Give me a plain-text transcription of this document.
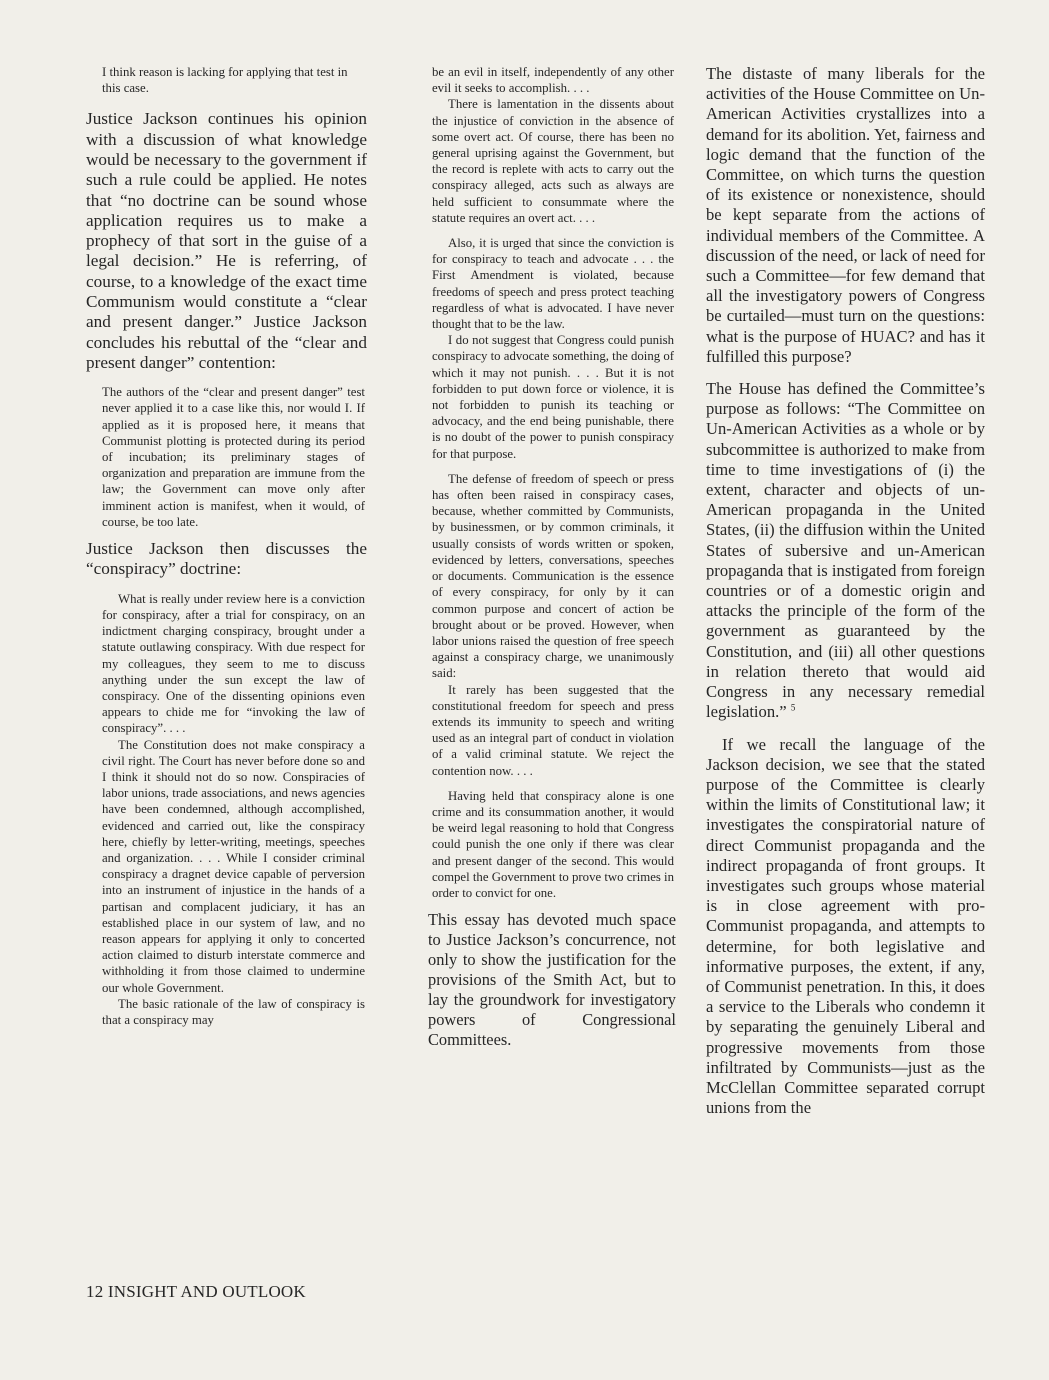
I think reason is lacking for applying that test in this case.

Justice Jackson continues his opinion with a discussion of what knowledge would be necessary to the government if such a rule could be applied. He notes that “no doctrine can be sound whose application requires us to make a prophecy of that sort in the guise of a legal decision.” He is referring, of course, to a knowledge of the exact time Communism would constitute a “clear and present danger.” Justice Jackson concludes his rebuttal of the “clear and present danger” contention:

The authors of the “clear and present danger” test never applied it to a case like this, nor would I. If applied as it is proposed here, it means that Communist plotting is protected during its period of incubation; its preliminary stages of organization and preparation are immune from the law; the Government can move only after imminent action is manifest, when it would, of course, be too late.

Justice Jackson then discusses the “conspiracy” doctrine:

What is really under review here is a conviction for conspiracy, after a trial for conspiracy, on an indictment charging conspiracy, brought under a statute outlawing conspiracy. With due respect for my colleagues, they seem to me to discuss anything under the sun except the law of conspiracy. One of the dissenting opinions even appears to chide me for “invoking the law of conspiracy”. . . .

The Constitution does not make conspiracy a civil right. The Court has never before done so and I think it should not do so now. Conspiracies of labor unions, trade associations, and news agencies have been condemned, although accomplished, evidenced and carried out, like the conspiracy here, chiefly by letter-writing, meetings, speeches and organization. . . . While I consider criminal conspiracy a dragnet device capable of perversion into an instrument of injustice in the hands of a partisan and complacent judiciary, it has an established place in our system of law, and no reason appears for applying it only to concerted action claimed to disturb interstate commerce and withholding it from those claimed to undermine our whole Government.

The basic rationale of the law of conspiracy is that a conspiracy may

be an evil in itself, independently of any other evil it seeks to accomplish. . . .

There is lamentation in the dissents about the injustice of conviction in the absence of some overt act. Of course, there has been no general uprising against the Government, but the record is replete with acts to carry out the conspiracy alleged, acts such as always are held sufficient to consummate where the statute requires an overt act. . . .

Also, it is urged that since the conviction is for conspiracy to teach and advocate . . . the First Amendment is violated, because freedoms of speech and press protect teaching regardless of what is advocated. I have never thought that to be the law.

I do not suggest that Congress could punish conspiracy to advocate something, the doing of which it may not punish. . . . But it is not forbidden to put down force or violence, it is not forbidden to punish its teaching or advocacy, and the end being punishable, there is no doubt of the power to punish conspiracy for that purpose.

The defense of freedom of speech or press has often been raised in conspiracy cases, because, whether committed by Communists, by businessmen, or by common criminals, it usually consists of words written or spoken, evidenced by letters, conversations, speeches or documents. Communication is the essence of every conspiracy, for only by it can common purpose and concert of action be brought about or be proved. However, when labor unions raised the question of free speech against a conspiracy charge, we unanimously said:

It rarely has been suggested that the constitutional freedom for speech and press extends its immunity to speech and writing used as an integral part of conduct in violation of a valid criminal statute. We reject the contention now. . . .

Having held that conspiracy alone is one crime and its consummation another, it would be weird legal reasoning to hold that Congress could punish the one only if there was clear and present danger of the second. This would compel the Government to prove two crimes in order to convict for one.

This essay has devoted much space to Justice Jackson’s concurrence, not only to show the justification for the provisions of the Smith Act, but to lay the groundwork for investigatory powers of Congressional Committees.

The distaste of many liberals for the activities of the House Committee on Un-American Activities crystallizes into a demand for its abolition. Yet, fairness and logic demand that the function of the Committee, on which turns the question of its existence or nonexistence, should be kept separate from the actions of individual members of the Committee. A discussion of the need, or lack of need for such a Committee—for few demand that all the investigatory powers of Congress be curtailed—must turn on the questions: what is the purpose of HUAC? and has it fulfilled this purpose?

The House has defined the Committee’s purpose as follows: “The Committee on Un-American Activities as a whole or by subcommittee is authorized to make from time to time investigations of (i) the extent, character and objects of un-American propaganda in the United States, (ii) the diffusion within the United States of subersive and un-American propaganda that is instigated from foreign countries or of a domestic origin and attacks the principle of the form of the government as guaranteed by the Constitution, and (iii) all other questions in relation thereto that would aid Congress in any necessary remedial legislation.” $^5$

If we recall the language of the Jackson decision, we see that the stated purpose of the Committee is clearly within the limits of Constitutional law; it investigates the conspiratorial nature of direct Communist propaganda and the indirect propaganda of front groups. It investigates such groups whose material is in close agreement with pro-Communist propaganda, and attempts to determine, for both legislative and informative purposes, the extent, if any, of Communist penetration. In this, it does a service to the Liberals who condemn it by separating the genuinely Liberal and progressive movements from those infiltrated by Communists—just as the McClellan Committee separated corrupt unions from the

12 INSIGHT AND OUTLOOK
